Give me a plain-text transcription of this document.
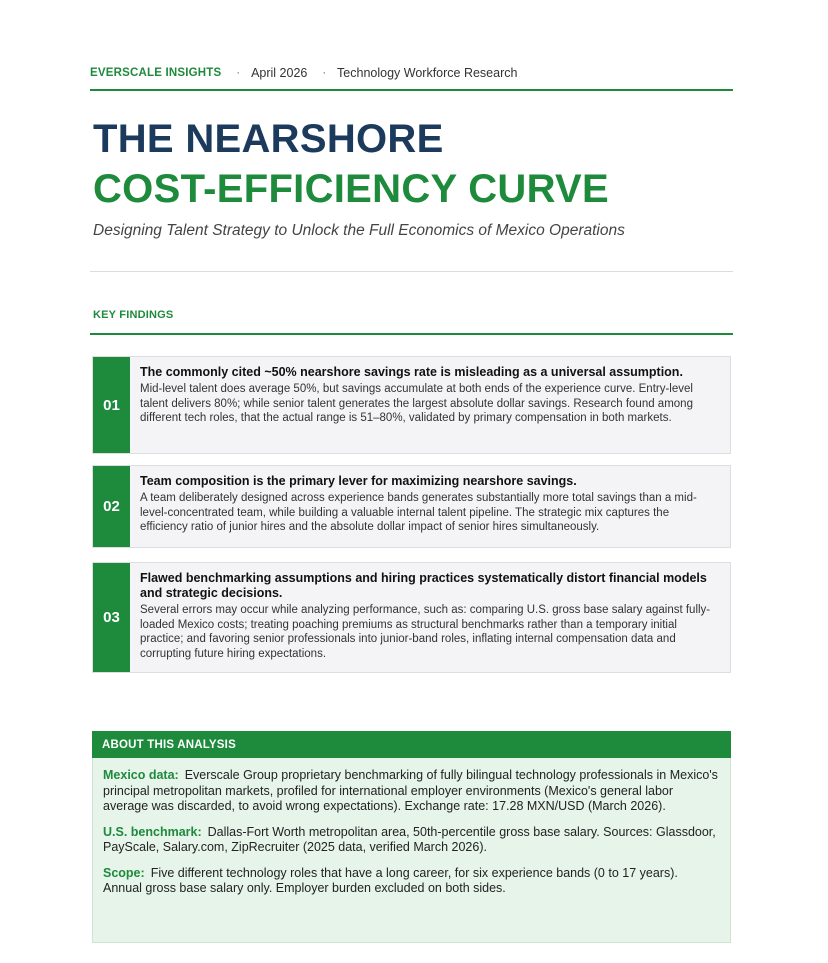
EVERSCALE INSIGHTS · April 2026 · Technology Workforce Research
THE NEARSHORE
COST-EFFICIENCY CURVE

Designing Talent Strategy to Unlock the Full Economics of Mexico Operations

KEY FINDINGS
01

The commonly cited ~50% nearshore savings rate is misleading as a universal assumption.

Mid-level talent does average 50%, but savings accumulate at both ends of the experience curve. Entry-level talent delivers 80%; while senior talent generates the largest absolute dollar savings. Research found among different tech roles, that the actual range is 51–80%, validated by primary compensation in both markets.

02

Team composition is the primary lever for maximizing nearshore savings.

A team deliberately designed across experience bands generates substantially more total savings than a mid-level-concentrated team, while building a valuable internal talent pipeline. The strategic mix captures the efficiency ratio of junior hires and the absolute dollar impact of senior hires simultaneously.

03

Flawed benchmarking assumptions and hiring practices systematically distort financial models and strategic decisions.

Several errors may occur while analyzing performance, such as: comparing U.S. gross base salary against fully-loaded Mexico costs; treating poaching premiums as structural benchmarks rather than a temporary initial practice; and favoring senior professionals into junior-band roles, inflating internal compensation data and corrupting future hiring expectations.

ABOUT THIS ANALYSIS

Mexico data: Everscale Group proprietary benchmarking of fully bilingual technology professionals in Mexico's principal metropolitan markets, profiled for international employer environments (Mexico's general labor average was discarded, to avoid wrong expectations). Exchange rate: 17.28 MXN/USD (March 2026).

U.S. benchmark: Dallas-Fort Worth metropolitan area, 50th-percentile gross base salary. Sources: Glassdoor, PayScale, Salary.com, ZipRecruiter (2025 data, verified March 2026).

Scope: Five different technology roles that have a long career, for six experience bands (0 to 17 years). Annual gross base salary only. Employer burden excluded on both sides.
